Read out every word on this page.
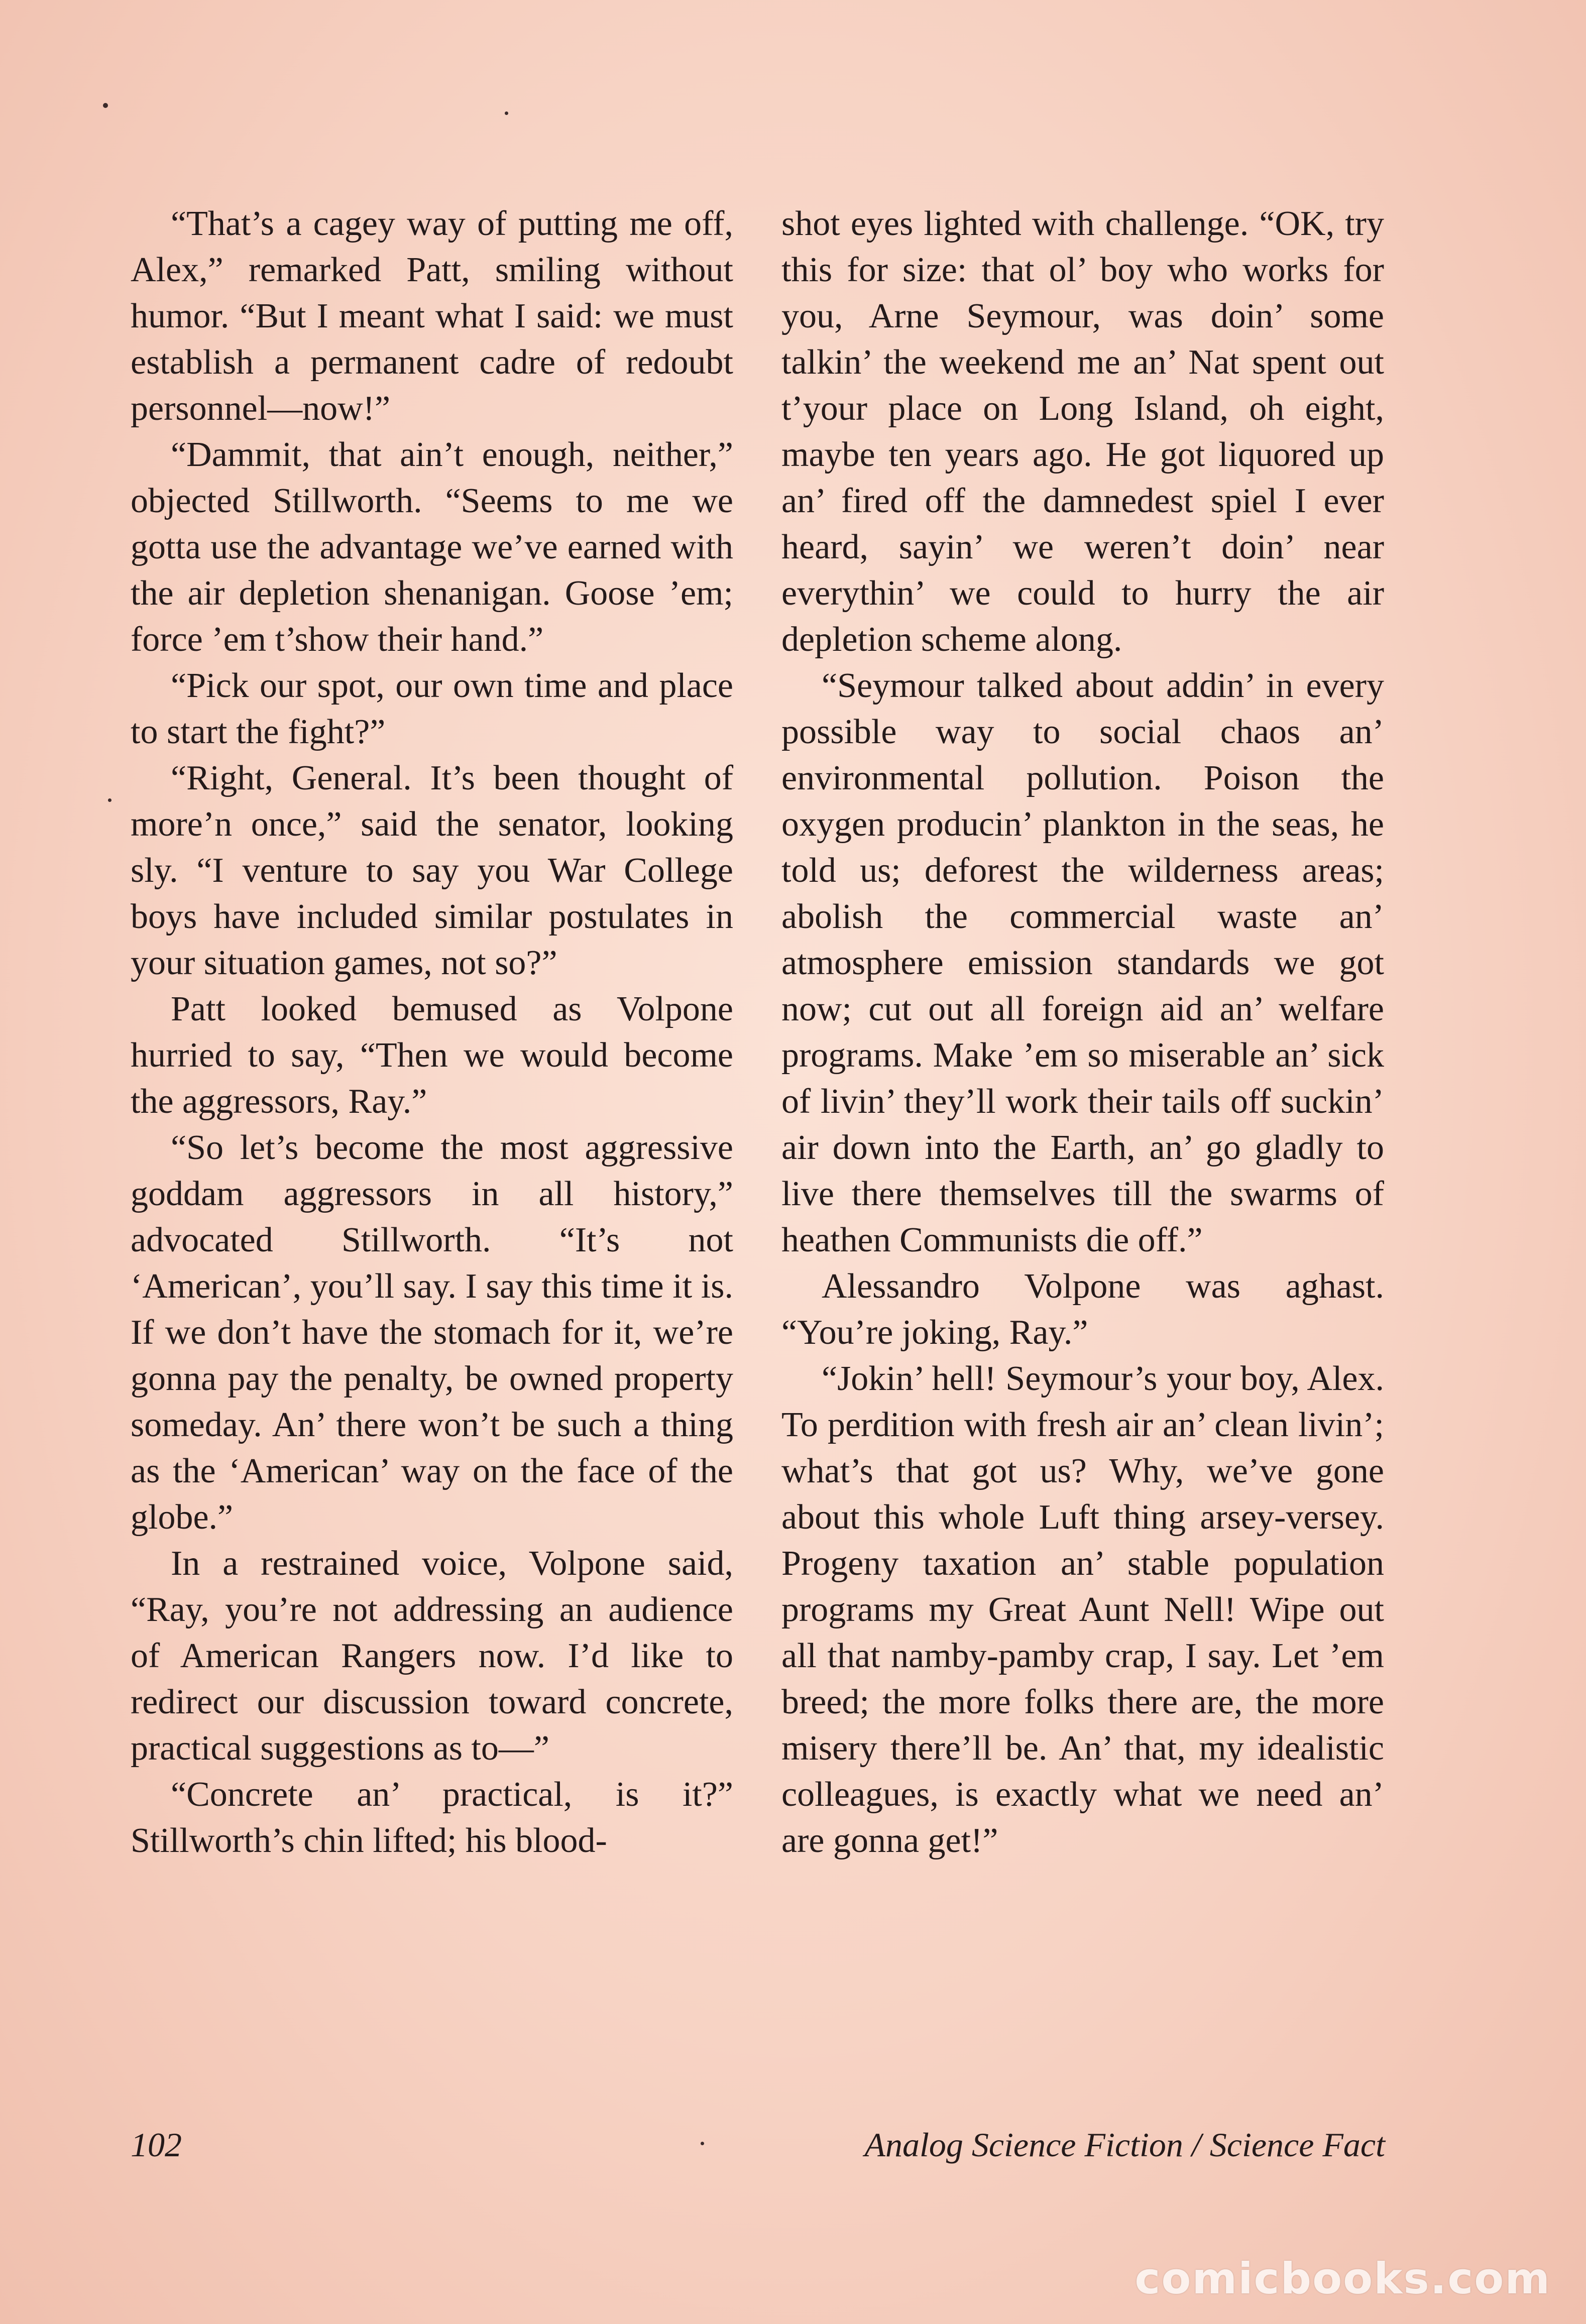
“That’s a cagey way of putting me off, Alex,” remarked Patt, smiling without humor. “But I meant what I said: we must establish a permanent cadre of redoubt personnel—now!”

“Dammit, that ain’t enough, neither,” objected Stillworth. “Seems to me we gotta use the advantage we’ve earned with the air depletion shenanigan. Goose ’em; force ’em t’show their hand.”

“Pick our spot, our own time and place to start the fight?”

“Right, General. It’s been thought of more’n once,” said the senator, looking sly. “I venture to say you War College boys have included similar postulates in your situation games, not so?”

Patt looked bemused as Volpone hurried to say, “Then we would become the aggressors, Ray.”

“So let’s become the most aggressive goddam aggressors in all history,” advocated Stillworth. “It’s not ‘American’, you’ll say. I say this time it is. If we don’t have the stomach for it, we’re gonna pay the penalty, be owned property someday. An’ there won’t be such a thing as the ‘American’ way on the face of the globe.”

In a restrained voice, Volpone said, “Ray, you’re not addressing an audience of American Rangers now. I’d like to redirect our discussion toward concrete, practical suggestions as to—”

“Concrete an’ practical, is it?” Stillworth’s chin lifted; his blood-

shot eyes lighted with challenge. “OK, try this for size: that ol’ boy who works for you, Arne Seymour, was doin’ some talkin’ the weekend me an’ Nat spent out t’your place on Long Island, oh eight, maybe ten years ago. He got liquored up an’ fired off the damnedest spiel I ever heard, sayin’ we weren’t doin’ near everythin’ we could to hurry the air depletion scheme along.

“Seymour talked about addin’ in every possible way to social chaos an’ environmental pollution. Poison the oxygen producin’ plankton in the seas, he told us; deforest the wilderness areas; abolish the commercial waste an’ atmosphere emission standards we got now; cut out all foreign aid an’ welfare programs. Make ’em so miserable an’ sick of livin’ they’ll work their tails off suckin’ air down into the Earth, an’ go gladly to live there themselves till the swarms of heathen Communists die off.”

Alessandro Volpone was aghast. “You’re joking, Ray.”

“Jokin’ hell! Seymour’s your boy, Alex. To perdition with fresh air an’ clean livin’; what’s that got us? Why, we’ve gone about this whole Luft thing arsey-versey. Progeny taxation an’ stable population programs my Great Aunt Nell! Wipe out all that namby-pamby crap, I say. Let ’em breed; the more folks there are, the more misery there’ll be. An’ that, my idealistic colleagues, is exactly what we need an’ are gonna get!”

102	Analog Science Fiction / Science Fact
comicbooks.com
